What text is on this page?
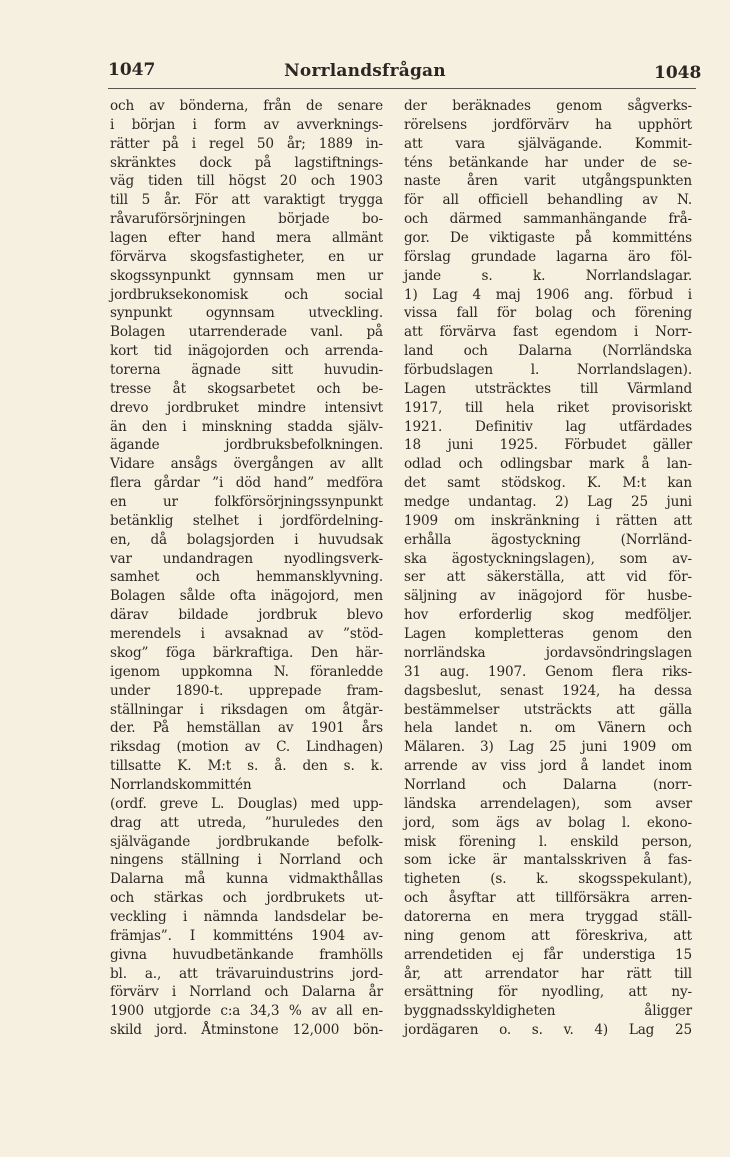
1047	Norrlandsfrågan	1048
och av bönderna, från de senare
i början i form av avverknings-
rätter på i regel 50 år; 1889 in-
skränktes dock på lagstiftnings-
väg tiden till högst 20 och 1903
till 5 år. För att varaktigt trygga
råvaruförsörjningen började bo-
lagen efter hand mera allmänt
förvärva skogsfastigheter, en ur
skogssynpunkt gynnsam men ur
jordbruksekonomisk och social
synpunkt ogynnsam utveckling.
Bolagen utarrenderade vanl. på
kort tid inägojorden och arrenda-
torerna ägnade sitt huvudin-
tresse åt skogsarbetet och be-
drevo jordbruket mindre intensivt
än den i minskning stadda själv-
ägande jordbruksbefolkningen.
Vidare ansågs övergången av allt
flera gårdar ”i död hand” medföra
en ur folkförsörjningssynpunkt
betänklig stelhet i jordfördelning-
en, då bolagsjorden i huvudsak
var undandragen nyodlingsverk-
samhet och hemmansklyvning.
Bolagen sålde ofta inägojord, men
därav bildade jordbruk blevo
merendels i avsaknad av ”stöd-
skog” föga bärkraftiga. Den här-
igenom uppkomna N. föranledde
under 1890-t. upprepade fram-
ställningar i riksdagen om åtgär-
der. På hemställan av 1901 års
riksdag (motion av C. Lindhagen)
tillsatte K. M:t s. å. den s. k.
Norrlandskommittén
(ordf. greve L. Douglas) med upp-
drag att utreda, ”huruledes den
självägande jordbrukande befolk-
ningens ställning i Norrland och
Dalarna må kunna vidmakthållas
och stärkas och jordbrukets ut-
veckling i nämnda landsdelar be-
främjas”. I kommitténs 1904 av-
givna huvudbetänkande framhölls
bl. a., att trävaruindustrins jord-
förvärv i Norrland och Dalarna år
1900 utgjorde c:a 34,3 % av all en-
skild jord. Åtminstone 12,000 bön-
der beräknades genom sågverks-
rörelsens jordförvärv ha upphört
att vara självägande. Kommit-
téns betänkande har under de se-
naste åren varit utgångspunkten
för all officiell behandling av N.
och därmed sammanhängande frå-
gor. De viktigaste på kommitténs
förslag grundade lagarna äro föl-
jande s. k. Norrlandslagar.
1) Lag 4 maj 1906 ang. förbud i
vissa fall för bolag och förening
att förvärva fast egendom i Norr-
land och Dalarna (Norrländska
förbudslagen l. Norrlandslagen).
Lagen utsträcktes till Värmland
1917, till hela riket provisoriskt
1921. Definitiv lag utfärdades
18 juni 1925. Förbudet gäller
odlad och odlingsbar mark å lan-
det samt stödskog. K. M:t kan
medge undantag. 2) Lag 25 juni
1909 om inskränkning i rätten att
erhålla ägostyckning (Norrländ-
ska ägostyckningslagen), som av-
ser att säkerställa, att vid för-
säljning av inägojord för husbe-
hov erforderlig skog medföljer.
Lagen kompletteras genom den
norrländska jordavsöndringslagen
31 aug. 1907. Genom flera riks-
dagsbeslut, senast 1924, ha dessa
bestämmelser utsträckts att gälla
hela landet n. om Vänern och
Mälaren. 3) Lag 25 juni 1909 om
arrende av viss jord å landet inom
Norrland och Dalarna (norr-
ländska arrendelagen), som avser
jord, som ägs av bolag l. ekono-
misk förening l. enskild person,
som icke är mantalsskriven å fas-
tigheten (s. k. skogsspekulant),
och åsyftar att tillförsäkra arren-
datorerna en mera tryggad ställ-
ning genom att föreskriva, att
arrendetiden ej får understiga 15
år, att arrendator har rätt till
ersättning för nyodling, att ny-
byggnadsskyldigheten åligger
jordägaren o. s. v. 4) Lag 25
